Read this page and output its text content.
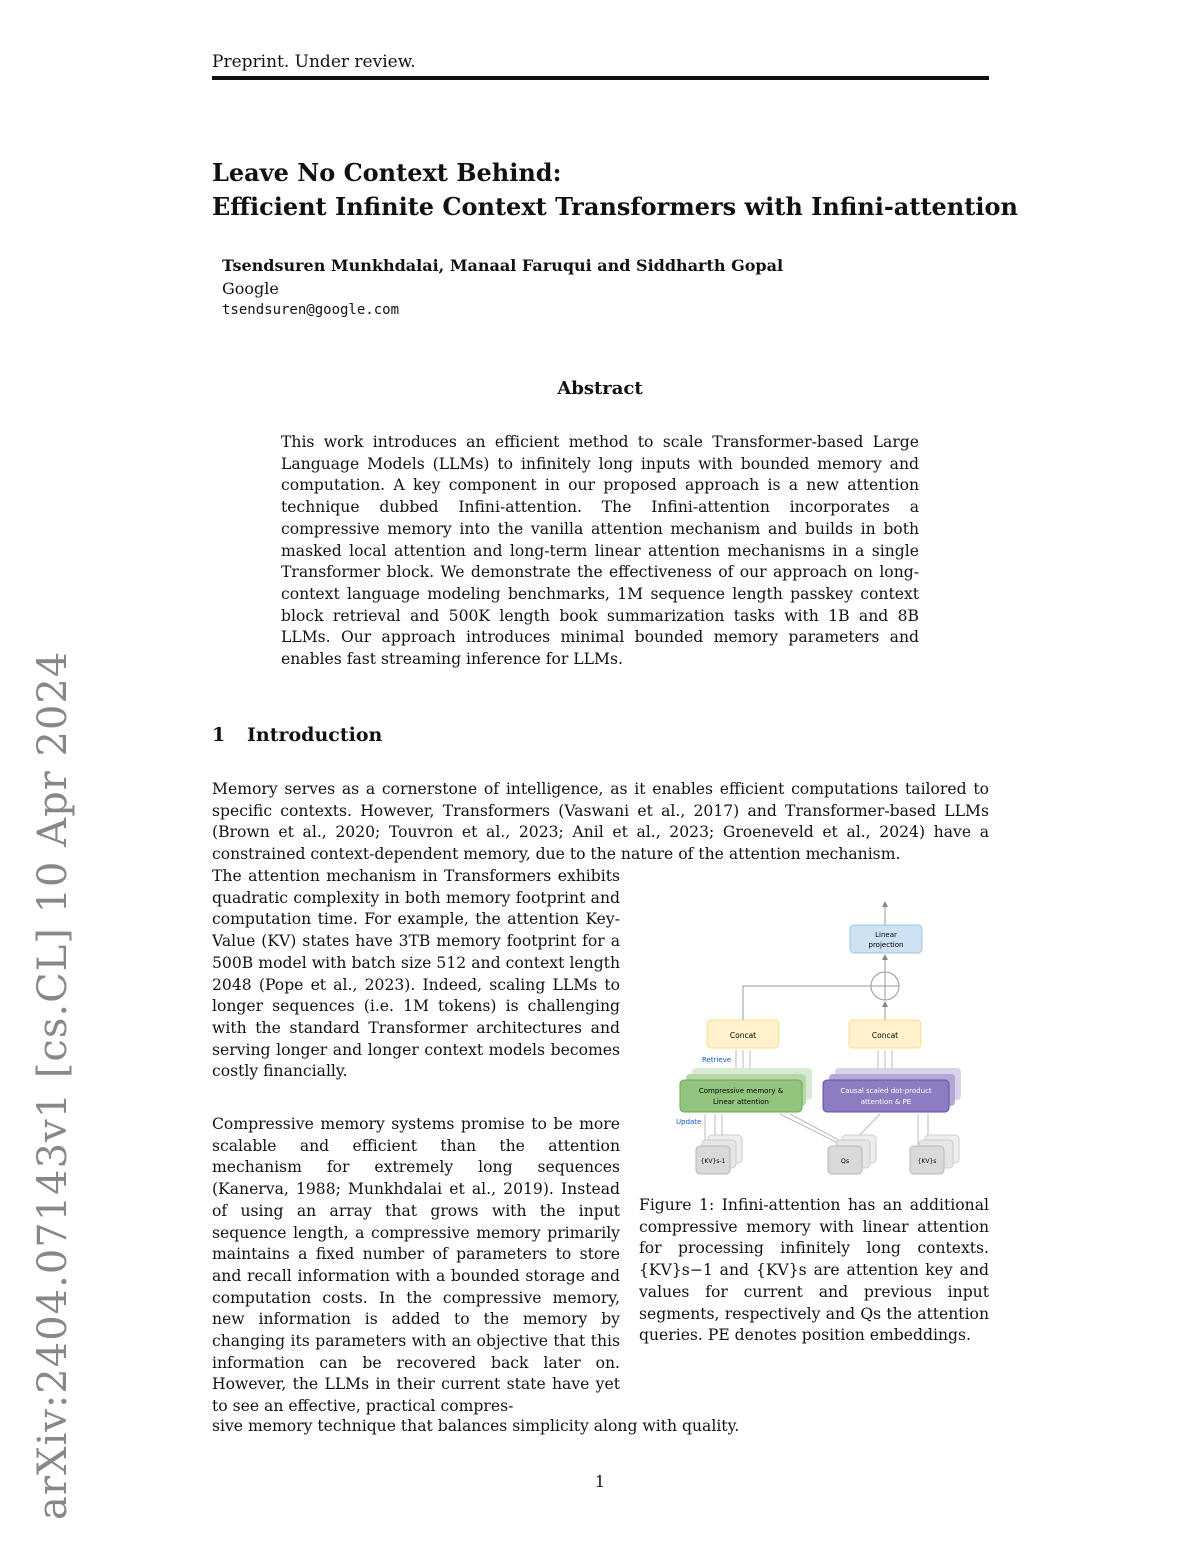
Preprint. Under review.
arXiv:2404.07143v1 [cs.CL] 10 Apr 2024
Leave No Context Behind:
Efficient Infinite Context Transformers with Infini-attention
Tsendsuren Munkhdalai, Manaal Faruqui and Siddharth Gopal
Google
tsendsuren@google.com
Abstract
This work introduces an efficient method to scale Transformer-based Large Language Models (LLMs) to infinitely long inputs with bounded memory and computation. A key component in our proposed approach is a new attention technique dubbed Infini-attention. The Infini-attention incorporates a compressive memory into the vanilla attention mechanism and builds in both masked local attention and long-term linear attention mechanisms in a single Transformer block. We demonstrate the effectiveness of our approach on long-context language modeling benchmarks, 1M sequence length passkey context block retrieval and 500K length book summarization tasks with 1B and 8B LLMs. Our approach introduces minimal bounded memory parameters and enables fast streaming inference for LLMs.
1 Introduction
Memory serves as a cornerstone of intelligence, as it enables efficient computations tailored to specific contexts. However, Transformers (Vaswani et al., 2017) and Transformer-based LLMs (Brown et al., 2020; Touvron et al., 2023; Anil et al., 2023; Groeneveld et al., 2024) have a constrained context-dependent memory, due to the nature of the attention mechanism.
The attention mechanism in Transformers exhibits quadratic complexity in both memory footprint and computation time. For example, the attention Key-Value (KV) states have 3TB memory footprint for a 500B model with batch size 512 and context length 2048 (Pope et al., 2023). Indeed, scaling LLMs to longer sequences (i.e. 1M tokens) is challenging with the standard Transformer architectures and serving longer and longer context models becomes costly financially.
Compressive memory systems promise to be more scalable and efficient than the attention mechanism for extremely long sequences (Kanerva, 1988; Munkhdalai et al., 2019). Instead of using an array that grows with the input sequence length, a compressive memory primarily maintains a fixed number of parameters to store and recall information with a bounded storage and computation costs. In the compressive memory, new information is added to the memory by changing its parameters with an objective that this information can be recovered back later on. However, the LLMs in their current state have yet to see an effective, practical compres-
sive memory technique that balances simplicity along with quality.
Linear
projection
Concat	Concat
Retrieve
Compressive memory &
Linear attention
Causal scaled dot-product
attention & PE
Update
{KV}s-1	Qs	{KV}s
Figure 1: Infini-attention has an additional compressive memory with linear attention for processing infinitely long contexts. {KV}s−1 and {KV}s are attention key and values for current and previous input segments, respectively and Qs the attention queries. PE denotes position embeddings.
1
